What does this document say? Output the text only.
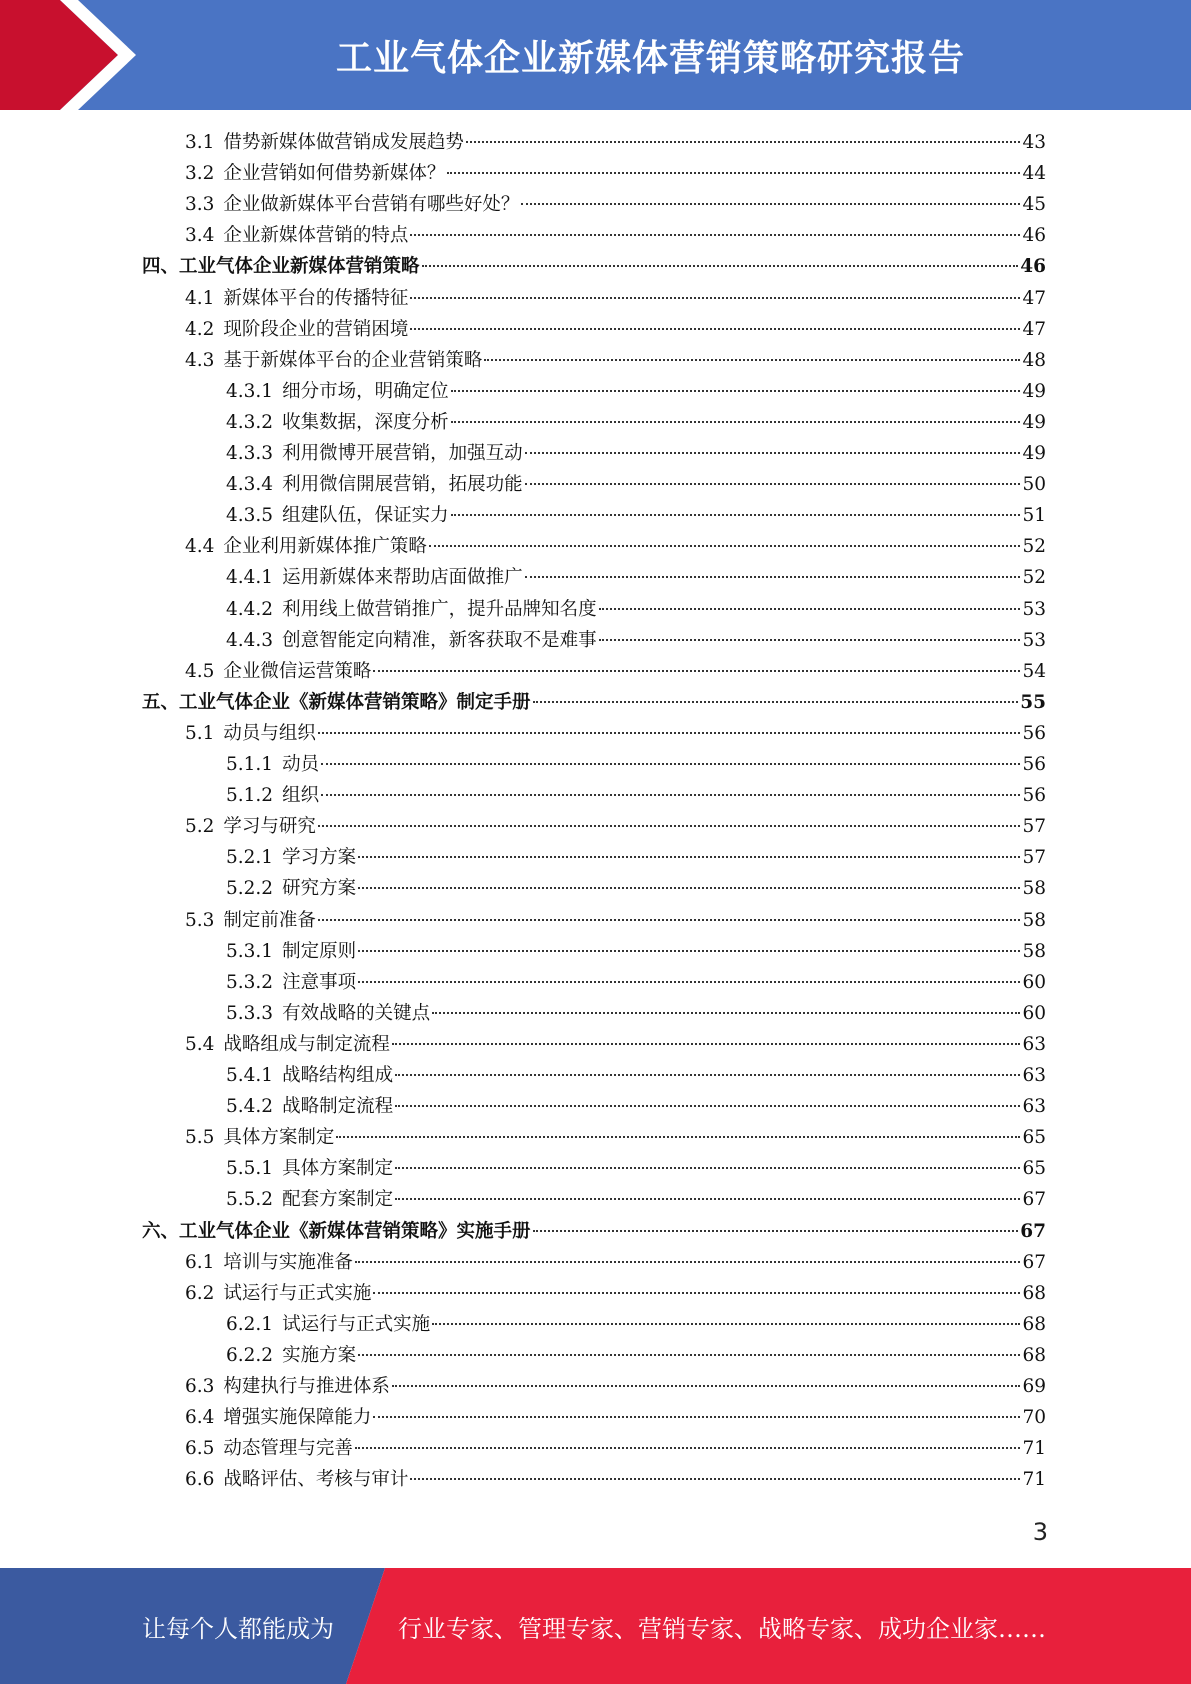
工业气体企业新媒体营销策略研究报告
3.1 借势新媒体做营销成发展趋势	43
3.2 企业营销如何借势新媒体？	44
3.3 企业做新媒体平台营销有哪些好处？	45
3.4 企业新媒体营销的特点	46
四、 工业气体企业新媒体营销策略	46
4.1 新媒体平台的传播特征	47
4.2 现阶段企业的营销困境	47
4.3 基于新媒体平台的企业营销策略	48
4.3.1 细分市场，明确定位	49
4.3.2 收集数据，深度分析	49
4.3.3 利用微博开展营销，加强互动	49
4.3.4 利用微信開展营销，拓展功能	50
4.3.5 组建队伍，保证实力	51
4.4 企业利用新媒体推广策略	52
4.4.1 运用新媒体来帮助店面做推广	52
4.4.2 利用线上做营销推广，提升品牌知名度	53
4.4.3 创意智能定向精准，新客获取不是难事	53
4.5 企业微信运营策略	54
五、 工业气体企业《新媒体营销策略》制定手册	55
5.1 动员与组织	56
5.1.1 动员	56
5.1.2 组织	56
5.2 学习与研究	57
5.2.1 学习方案	57
5.2.2 研究方案	58
5.3 制定前准备	58
5.3.1 制定原则	58
5.3.2 注意事项	60
5.3.3 有效战略的关键点	60
5.4 战略组成与制定流程	63
5.4.1 战略结构组成	63
5.4.2 战略制定流程	63
5.5 具体方案制定	65
5.5.1 具体方案制定	65
5.5.2 配套方案制定	67
六、 工业气体企业《新媒体营销策略》实施手册	67
6.1 培训与实施准备	67
6.2 试运行与正式实施	68
6.2.1 试运行与正式实施	68
6.2.2 实施方案	68
6.3 构建执行与推进体系	69
6.4 增强实施保障能力	70
6.5 动态管理与完善	71
6.6 战略评估、考核与审计	71
3
让每个人都能成为	行业专家、管理专家、营销专家、战略专家、成功企业家……
